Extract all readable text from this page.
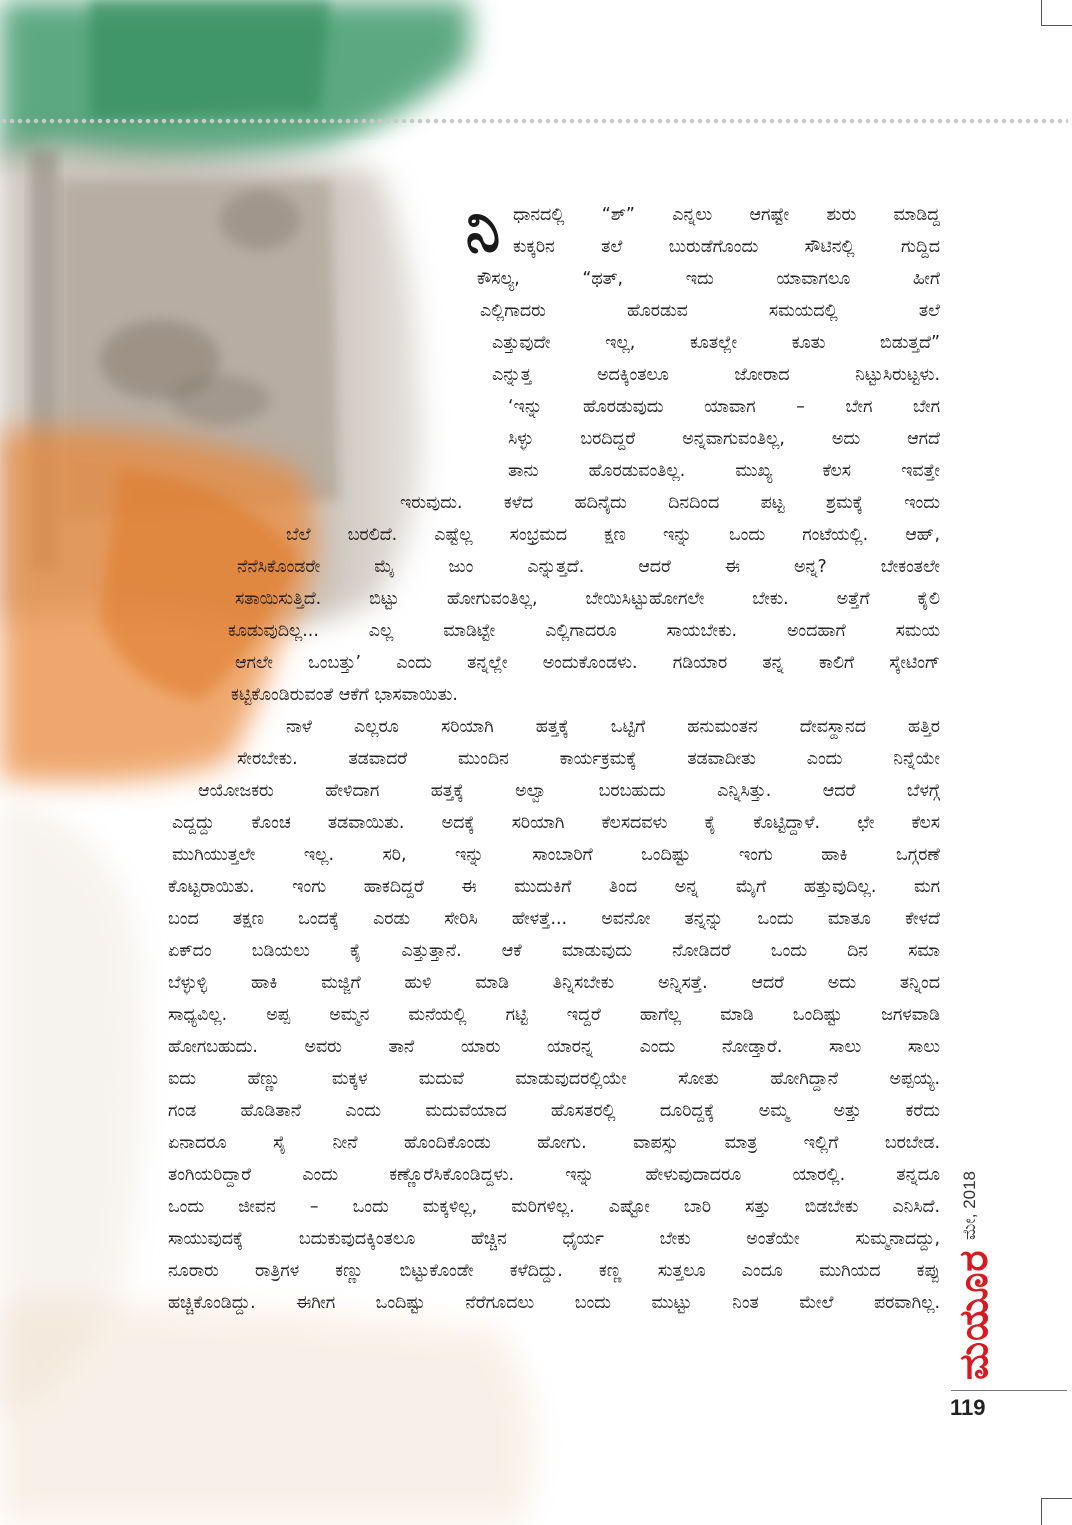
ನಿ ಧಾನದಲ್ಲಿ “ಶ್” ಎನ್ನಲು ಆಗಷ್ಟೇ ಶುರು ಮಾಡಿದ್ದ

ಕುಕ್ಕರಿನ ತಲೆ ಬುರುಡೆಗೊಂದು ಸೌಟಿನಲ್ಲಿ ಗುದ್ದಿದ

ಕೌಸಲ್ಯ, “ಥತ್, ಇದು ಯಾವಾಗಲೂ ಹೀಗೆ

ಎಲ್ಲಿಗಾದರು ಹೊರಡುವ ಸಮಯದಲ್ಲಿ ತಲೆ

ಎತ್ತುವುದೇ ಇಲ್ಲ, ಕೂತಲ್ಲೇ ಕೂತು ಬಿಡುತ್ತದೆ”

ಎನ್ನುತ್ತ ಅದಕ್ಕಿಂತಲೂ ಜೋರಾದ ನಿಟ್ಟುಸಿರುಟ್ಟಳು.

‘ಇನ್ನು ಹೊರಡುವುದು ಯಾವಾಗ – ಬೇಗ ಬೇಗ

ಸಿಳ್ಳು ಬರದಿದ್ದರೆ ಅನ್ನವಾಗುವಂತಿಲ್ಲ, ಅದು ಆಗದೆ

ತಾನು ಹೊರಡುವಂತಿಲ್ಲ. ಮುಖ್ಯ ಕೆಲಸ ಇವತ್ತೇ

ಇರುವುದು. ಕಳೆದ ಹದಿನೈದು ದಿನದಿಂದ ಪಟ್ಟ ಶ್ರಮಕ್ಕೆ ಇಂದು

ಬೆಲೆ ಬರಲಿದೆ. ಎಷ್ಟೆಲ್ಲ ಸಂಭ್ರಮದ ಕ್ಷಣ ಇನ್ನು ಒಂದು ಗಂಟೆಯಲ್ಲಿ. ಆಹ್,

ನೆನೆಸಿಕೊಂಡರೇ ಮೈ ಜುಂ ಎನ್ನುತ್ತದೆ. ಆದರೆ ಈ ಅನ್ನ? ಬೇಕಂತಲೇ

ಸತಾಯಿಸುತ್ತಿದೆ. ಬಿಟ್ಟು ಹೋಗುವಂತಿಲ್ಲ, ಬೇಯಿಸಿಟ್ಟುಹೋಗಲೇ ಬೇಕು. ಅತ್ತೆಗೆ ಕೈಲಿ

ಕೂಡುವುದಿಲ್ಲ... ಎಲ್ಲ ಮಾಡಿಟ್ಟೇ ಎಲ್ಲಿಗಾದರೂ ಸಾಯಬೇಕು. ಅಂದಹಾಗೆ ಸಮಯ

ಆಗಲೇ ಒಂಬತ್ತು’ ಎಂದು ತನ್ನಲ್ಲೇ ಅಂದುಕೊಂಡಳು. ಗಡಿಯಾರ ತನ್ನ ಕಾಲಿಗೆ ಸ್ಕೇಟಿಂಗ್

ಕಟ್ಟಿಕೊಂಡಿರುವಂತೆ ಆಕೆಗೆ ಭಾಸವಾಯಿತು.

ನಾಳೆ ಎಲ್ಲರೂ ಸರಿಯಾಗಿ ಹತ್ತಕ್ಕೆ ಒಟ್ಟಿಗೆ ಹನುಮಂತನ ದೇವಸ್ಥಾನದ ಹತ್ತಿರ

ಸೇರಬೇಕು. ತಡವಾದರೆ ಮುಂದಿನ ಕಾರ್ಯಕ್ರಮಕ್ಕೆ ತಡವಾದೀತು ಎಂದು ನಿನ್ನೆಯೇ

ಆಯೋಜಕರು ಹೇಳಿದಾಗ ಹತ್ತಕ್ಕೆ ಅಲ್ವಾ ಬರಬಹುದು ಎನ್ನಿಸಿತ್ತು. ಆದರೆ ಬೆಳಗ್ಗೆ

ಎದ್ದದ್ದು ಕೊಂಚ ತಡವಾಯಿತು. ಅದಕ್ಕೆ ಸರಿಯಾಗಿ ಕೆಲಸದವಳು ಕೈ ಕೊಟ್ಟಿದ್ದಾಳೆ. ಛೇ ಕೆಲಸ

ಮುಗಿಯುತ್ತಲೇ ಇಲ್ಲ. ಸರಿ, ಇನ್ನು ಸಾಂಬಾರಿಗೆ ಒಂದಿಷ್ಟು ಇಂಗು ಹಾಕಿ ಒಗ್ಗರಣೆ

ಕೊಟ್ಟರಾಯಿತು. ಇಂಗು ಹಾಕದಿದ್ದರೆ ಈ ಮುದುಕಿಗೆ ತಿಂದ ಅನ್ನ ಮೈಗೆ ಹತ್ತುವುದಿಲ್ಲ. ಮಗ

ಬಂದ ತಕ್ಷಣ ಒಂದಕ್ಕೆ ಎರಡು ಸೇರಿಸಿ ಹೇಳತ್ತೆ... ಅವನೋ ತನ್ನನ್ನು ಒಂದು ಮಾತೂ ಕೇಳದೆ

ಏಕ್‌ದಂ ಬಡಿಯಲು ಕೈ ಎತ್ತುತ್ತಾನೆ. ಆಕೆ ಮಾಡುವುದು ನೋಡಿದರೆ ಒಂದು ದಿನ ಸಮಾ

ಬೆಳ್ಳುಳ್ಳಿ ಹಾಕಿ ಮಜ್ಜಿಗೆ ಹುಳಿ ಮಾಡಿ ತಿನ್ನಿಸಬೇಕು ಅನ್ನಿಸತ್ತೆ. ಆದರೆ ಅದು ತನ್ನಿಂದ

ಸಾಧ್ಯವಿಲ್ಲ. ಅಪ್ಪ ಅಮ್ಮನ ಮನೆಯಲ್ಲಿ ಗಟ್ಟಿ ಇದ್ದರೆ ಹಾಗೆಲ್ಲ ಮಾಡಿ ಒಂದಿಷ್ಟು ಜಗಳವಾಡಿ

ಹೋಗಬಹುದು. ಅವರು ತಾನೆ ಯಾರು ಯಾರನ್ನ ಎಂದು ನೋಡ್ತಾರೆ. ಸಾಲು ಸಾಲು

ಐದು ಹೆಣ್ಣು ಮಕ್ಕಳ ಮದುವೆ ಮಾಡುವುದರಲ್ಲಿಯೇ ಸೋತು ಹೋಗಿದ್ದಾನೆ ಅಪ್ಪಯ್ಯ.

ಗಂಡ ಹೊಡಿತಾನೆ ಎಂದು ಮದುವೆಯಾದ ಹೊಸತರಲ್ಲಿ ದೂರಿದ್ದಕ್ಕೆ ಅಮ್ಮ ಅತ್ತು ಕರೆದು

ಏನಾದರೂ ಸೈ ನೀನೆ ಹೊಂದಿಕೊಂಡು ಹೋಗು. ವಾಪಸ್ಸು ಮಾತ್ರ ಇಲ್ಲಿಗೆ ಬರಬೇಡ.

ತಂಗಿಯರಿದ್ದಾರೆ ಎಂದು ಕಣ್ಣೊರೆಸಿಕೊಂಡಿದ್ದಳು. ಇನ್ನು ಹೇಳುವುದಾದರೂ ಯಾರಲ್ಲಿ. ತನ್ನದೂ

ಒಂದು ಜೀವನ – ಒಂದು ಮಕ್ಕಳಿಲ್ಲ, ಮರಿಗಳಿಲ್ಲ. ಎಷ್ಟೋ ಬಾರಿ ಸತ್ತು ಬಿಡಬೇಕು ಎನಿಸಿದೆ.

ಸಾಯುವುದಕ್ಕೆ ಬದುಕುವುದಕ್ಕಿಂತಲೂ ಹೆಚ್ಚಿನ ಧೈರ್ಯ ಬೇಕು ಅಂತೆಯೇ ಸುಮ್ಮನಾದದ್ದು,

ನೂರಾರು ರಾತ್ರಿಗಳ ಕಣ್ಣು ಬಿಟ್ಟುಕೊಂಡೇ ಕಳೆದಿದ್ದು. ಕಣ್ಣ ಸುತ್ತಲೂ ಎಂದೂ ಮುಗಿಯದ ಕಪ್ಪು

ಹಚ್ಚಿಕೊಂಡಿದ್ದು. ಈಗೀಗ ಒಂದಿಷ್ಟು ನೆರೆಗೂದಲು ಬಂದು ಮುಟ್ಟು ನಿಂತ ಮೇಲೆ ಪರವಾಗಿಲ್ಲ. ಮಯೂರ
ಮೇ, 2018
119
